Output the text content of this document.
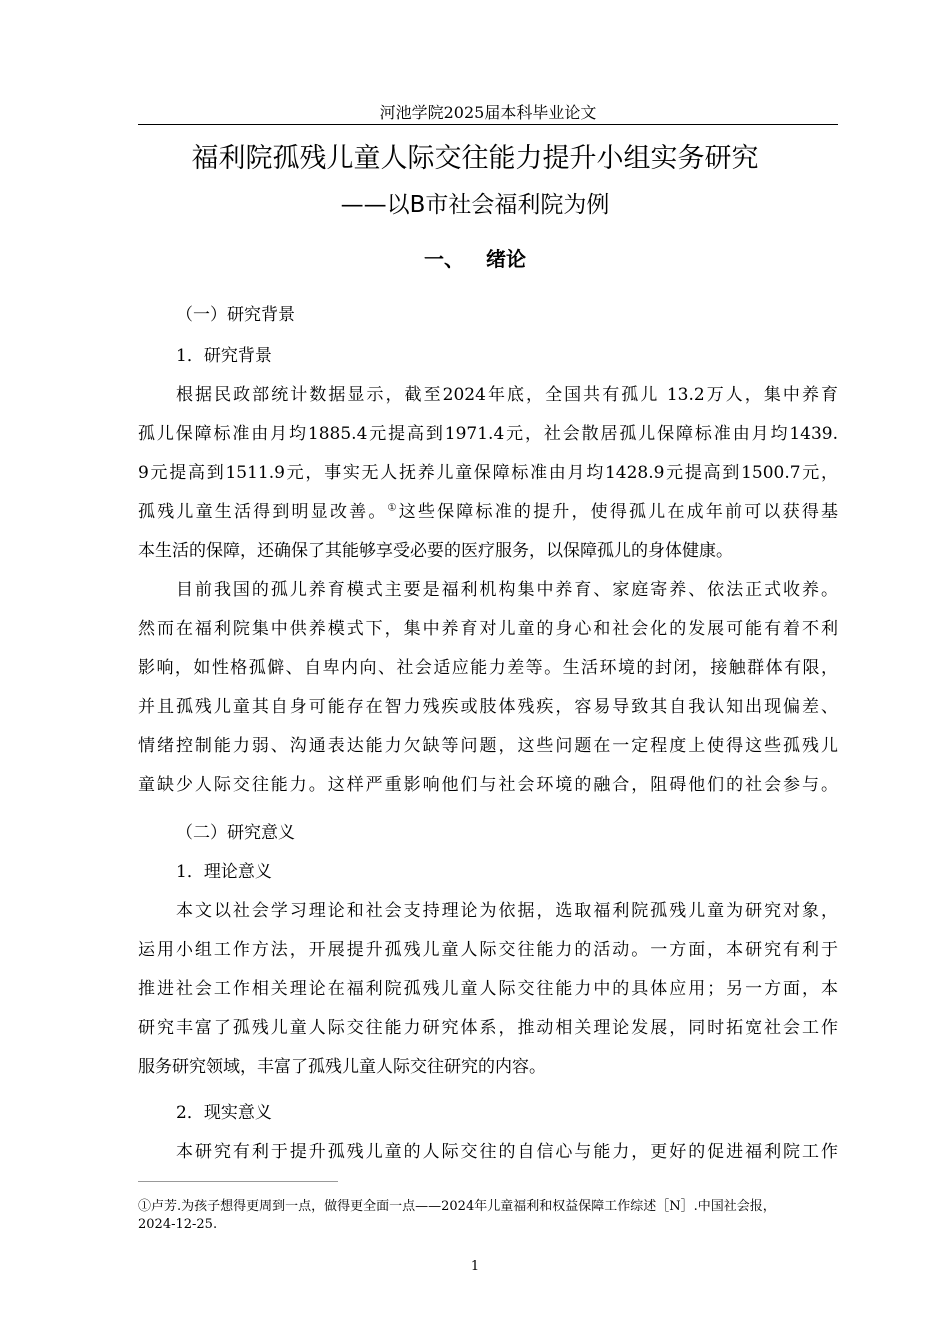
河池学院2025届本科毕业论文
福利院孤残儿童人际交往能力提升小组实务研究
——以B市社会福利院为例
一、 绪论
（一）研究背景
1．研究背景
根据民政部统计数据显示，截至2024年底，全国共有孤儿 13.2万人，集中养育
孤儿保障标准由月均1885.4元提高到1971.4元，社会散居孤儿保障标准由月均1439.
9元提高到1511.9元，事实无人抚养儿童保障标准由月均1428.9元提高到1500.7元，
孤残儿童生活得到明显改善。①这些保障标准的提升，使得孤儿在成年前可以获得基
本生活的保障，还确保了其能够享受必要的医疗服务，以保障孤儿的身体健康。
目前我国的孤儿养育模式主要是福利机构集中养育、家庭寄养、依法正式收养。
然而在福利院集中供养模式下，集中养育对儿童的身心和社会化的发展可能有着不利
影响，如性格孤僻、自卑内向、社会适应能力差等。生活环境的封闭，接触群体有限，
并且孤残儿童其自身可能存在智力残疾或肢体残疾，容易导致其自我认知出现偏差、
情绪控制能力弱、沟通表达能力欠缺等问题，这些问题在一定程度上使得这些孤残儿
童缺少人际交往能力。这样严重影响他们与社会环境的融合，阻碍他们的社会参与。
（二）研究意义
1．理论意义
本文以社会学习理论和社会支持理论为依据，选取福利院孤残儿童为研究对象，
运用小组工作方法，开展提升孤残儿童人际交往能力的活动。一方面，本研究有利于
推进社会工作相关理论在福利院孤残儿童人际交往能力中的具体应用；另一方面，本
研究丰富了孤残儿童人际交往能力研究体系，推动相关理论发展，同时拓宽社会工作
服务研究领域，丰富了孤残儿童人际交往研究的内容。
2．现实意义
本研究有利于提升孤残儿童的人际交往的自信心与能力，更好的促进福利院工作
①卢芳.为孩子想得更周到一点，做得更全面一点——2024年儿童福利和权益保障工作综述［N］.中国社会报，
2024-12-25.
1
